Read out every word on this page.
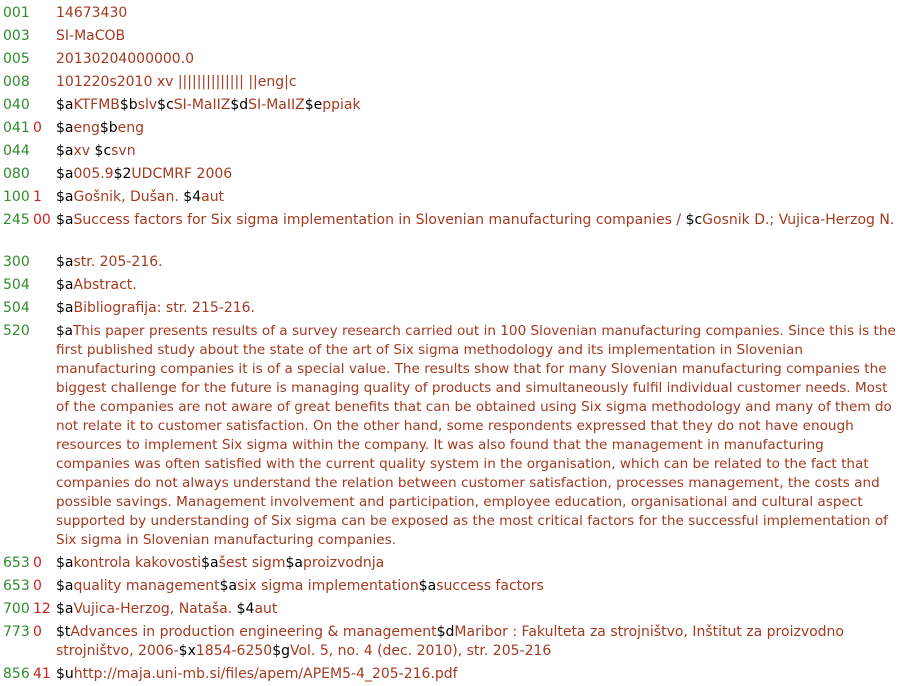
001 14673430
003 SI-MaCOB
005 20130204000000.0
008 101220s2010 xv |||||||||||||| ||eng|c
040 $aKTFMB$bslv$cSI-MaIIZ$dSI-MaIIZ$eppiak
041 0 $aeng$beng
044 $axv $csvn
080 $a005.9$2UDCMRF 2006
100 1 $aGošnik, Dušan. $4aut
245 00 $aSuccess factors for Six sigma implementation in Slovenian manufacturing companies / $cGosnik D.; Vujica-Herzog N.
300 $astr. 205-216.
504 $aAbstract.
504 $aBibliografija: str. 215-216.
520 $aThis paper presents results of a survey research carried out in 100 Slovenian manufacturing companies. Since this is the first published study about the state of the art of Six sigma methodology and its implementation in Slovenian manufacturing companies it is of a special value. The results show that for many Slovenian manufacturing companies the biggest challenge for the future is managing quality of products and simultaneously fulfil individual customer needs. Most of the companies are not aware of great benefits that can be obtained using Six sigma methodology and many of them do not relate it to customer satisfaction. On the other hand, some respondents expressed that they do not have enough resources to implement Six sigma within the company. It was also found that the management in manufacturing companies was often satisfied with the current quality system in the organisation, which can be related to the fact that companies do not always understand the relation between customer satisfaction, processes management, the costs and possible savings. Management involvement and participation, employee education, organisational and cultural aspect supported by understanding of Six sigma can be exposed as the most critical factors for the successful implementation of Six sigma in Slovenian manufacturing companies.
653 0 $akontrola kakovosti$ašest sigm$aproizvodnja
653 0 $aquality management$asix sigma implementation$asuccess factors
700 12 $aVujica-Herzog, Nataša. $4aut
773 0 $tAdvances in production engineering & management$dMaribor : Fakulteta za strojništvo, Inštitut za proizvodno strojništvo, 2006-$x1854-6250$gVol. 5, no. 4 (dec. 2010), str. 205-216
856 41 $uhttp://maja.uni-mb.si/files/apem/APEM5-4_205-216.pdf
